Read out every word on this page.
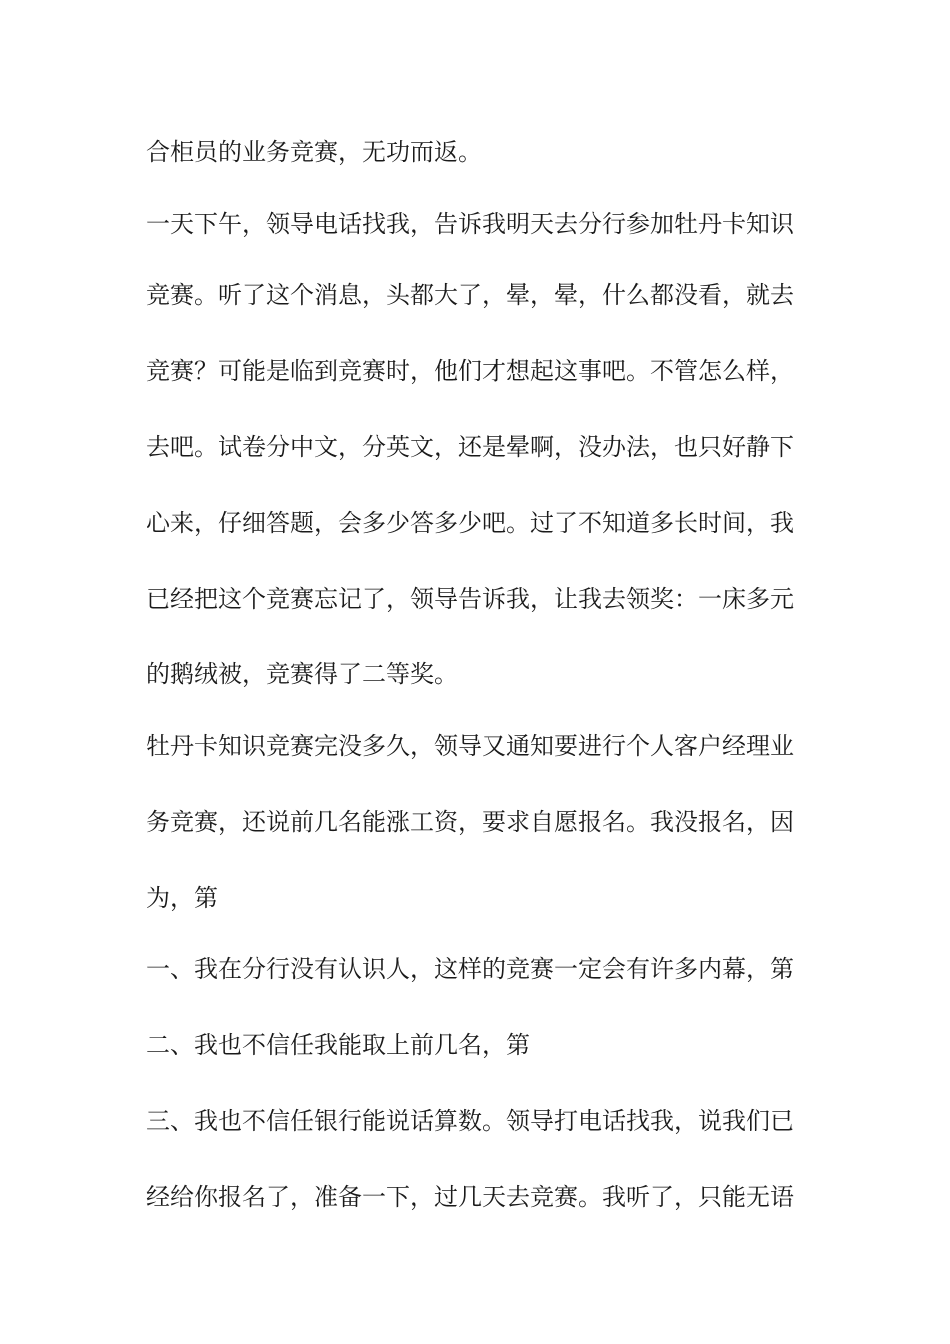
合柜员的业务竞赛，无功而返。

一天下午，领导电话找我，告诉我明天去分行参加牡丹卡知识

竞赛。听了这个消息，头都大了，晕，晕，什么都没看，就去

竞赛？可能是临到竞赛时，他们才想起这事吧。不管怎么样，

去吧。试卷分中文，分英文，还是晕啊，没办法，也只好静下

心来，仔细答题，会多少答多少吧。过了不知道多长时间，我

已经把这个竞赛忘记了，领导告诉我，让我去领奖：一床多元

的鹅绒被，竞赛得了二等奖。

牡丹卡知识竞赛完没多久，领导又通知要进行个人客户经理业

务竞赛，还说前几名能涨工资，要求自愿报名。我没报名，因

为，第

一、我在分行没有认识人，这样的竞赛一定会有许多内幕，第

二、我也不信任我能取上前几名，第

三、我也不信任银行能说话算数。领导打电话找我，说我们已

经给你报名了，准备一下，过几天去竞赛。我听了，只能无语
